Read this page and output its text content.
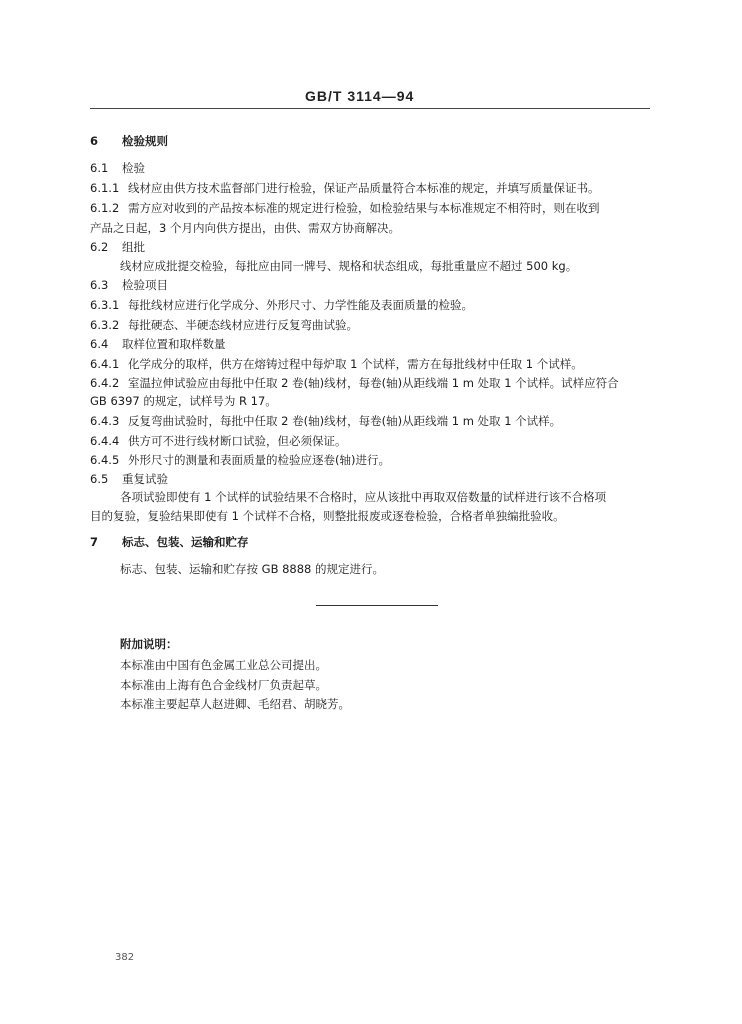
GB/T 3114—94
6 检验规则
6.1 检验
6.1.1 线材应由供方技术监督部门进行检验，保证产品质量符合本标准的规定，并填写质量保证书。
6.1.2 需方应对收到的产品按本标准的规定进行检验，如检验结果与本标准规定不相符时，则在收到
产品之日起，3 个月内向供方提出，由供、需双方协商解决。
6.2 组批
线材应成批提交检验，每批应由同一牌号、规格和状态组成，每批重量应不超过 500 kg。
6.3 检验项目
6.3.1 每批线材应进行化学成分、外形尺寸、力学性能及表面质量的检验。
6.3.2 每批硬态、半硬态线材应进行反复弯曲试验。
6.4 取样位置和取样数量
6.4.1 化学成分的取样，供方在熔铸过程中每炉取 1 个试样，需方在每批线材中任取 1 个试样。
6.4.2 室温拉伸试验应由每批中任取 2 卷(轴)线材，每卷(轴)从距线端 1 m 处取 1 个试样。试样应符合
GB 6397 的规定，试样号为 R 17。
6.4.3 反复弯曲试验时，每批中任取 2 卷(轴)线材，每卷(轴)从距线端 1 m 处取 1 个试样。
6.4.4 供方可不进行线材断口试验，但必须保证。
6.4.5 外形尺寸的测量和表面质量的检验应逐卷(轴)进行。
6.5 重复试验
各项试验即使有 1 个试样的试验结果不合格时，应从该批中再取双倍数量的试样进行该不合格项
目的复验，复验结果即使有 1 个试样不合格，则整批报废或逐卷检验，合格者单独编批验收。
7 标志、包装、运输和贮存
标志、包装、运输和贮存按 GB 8888 的规定进行。
附加说明：
本标准由中国有色金属工业总公司提出。
本标准由上海有色合金线材厂负责起草。
本标准主要起草人赵进卿、毛绍君、胡晓芳。
382
